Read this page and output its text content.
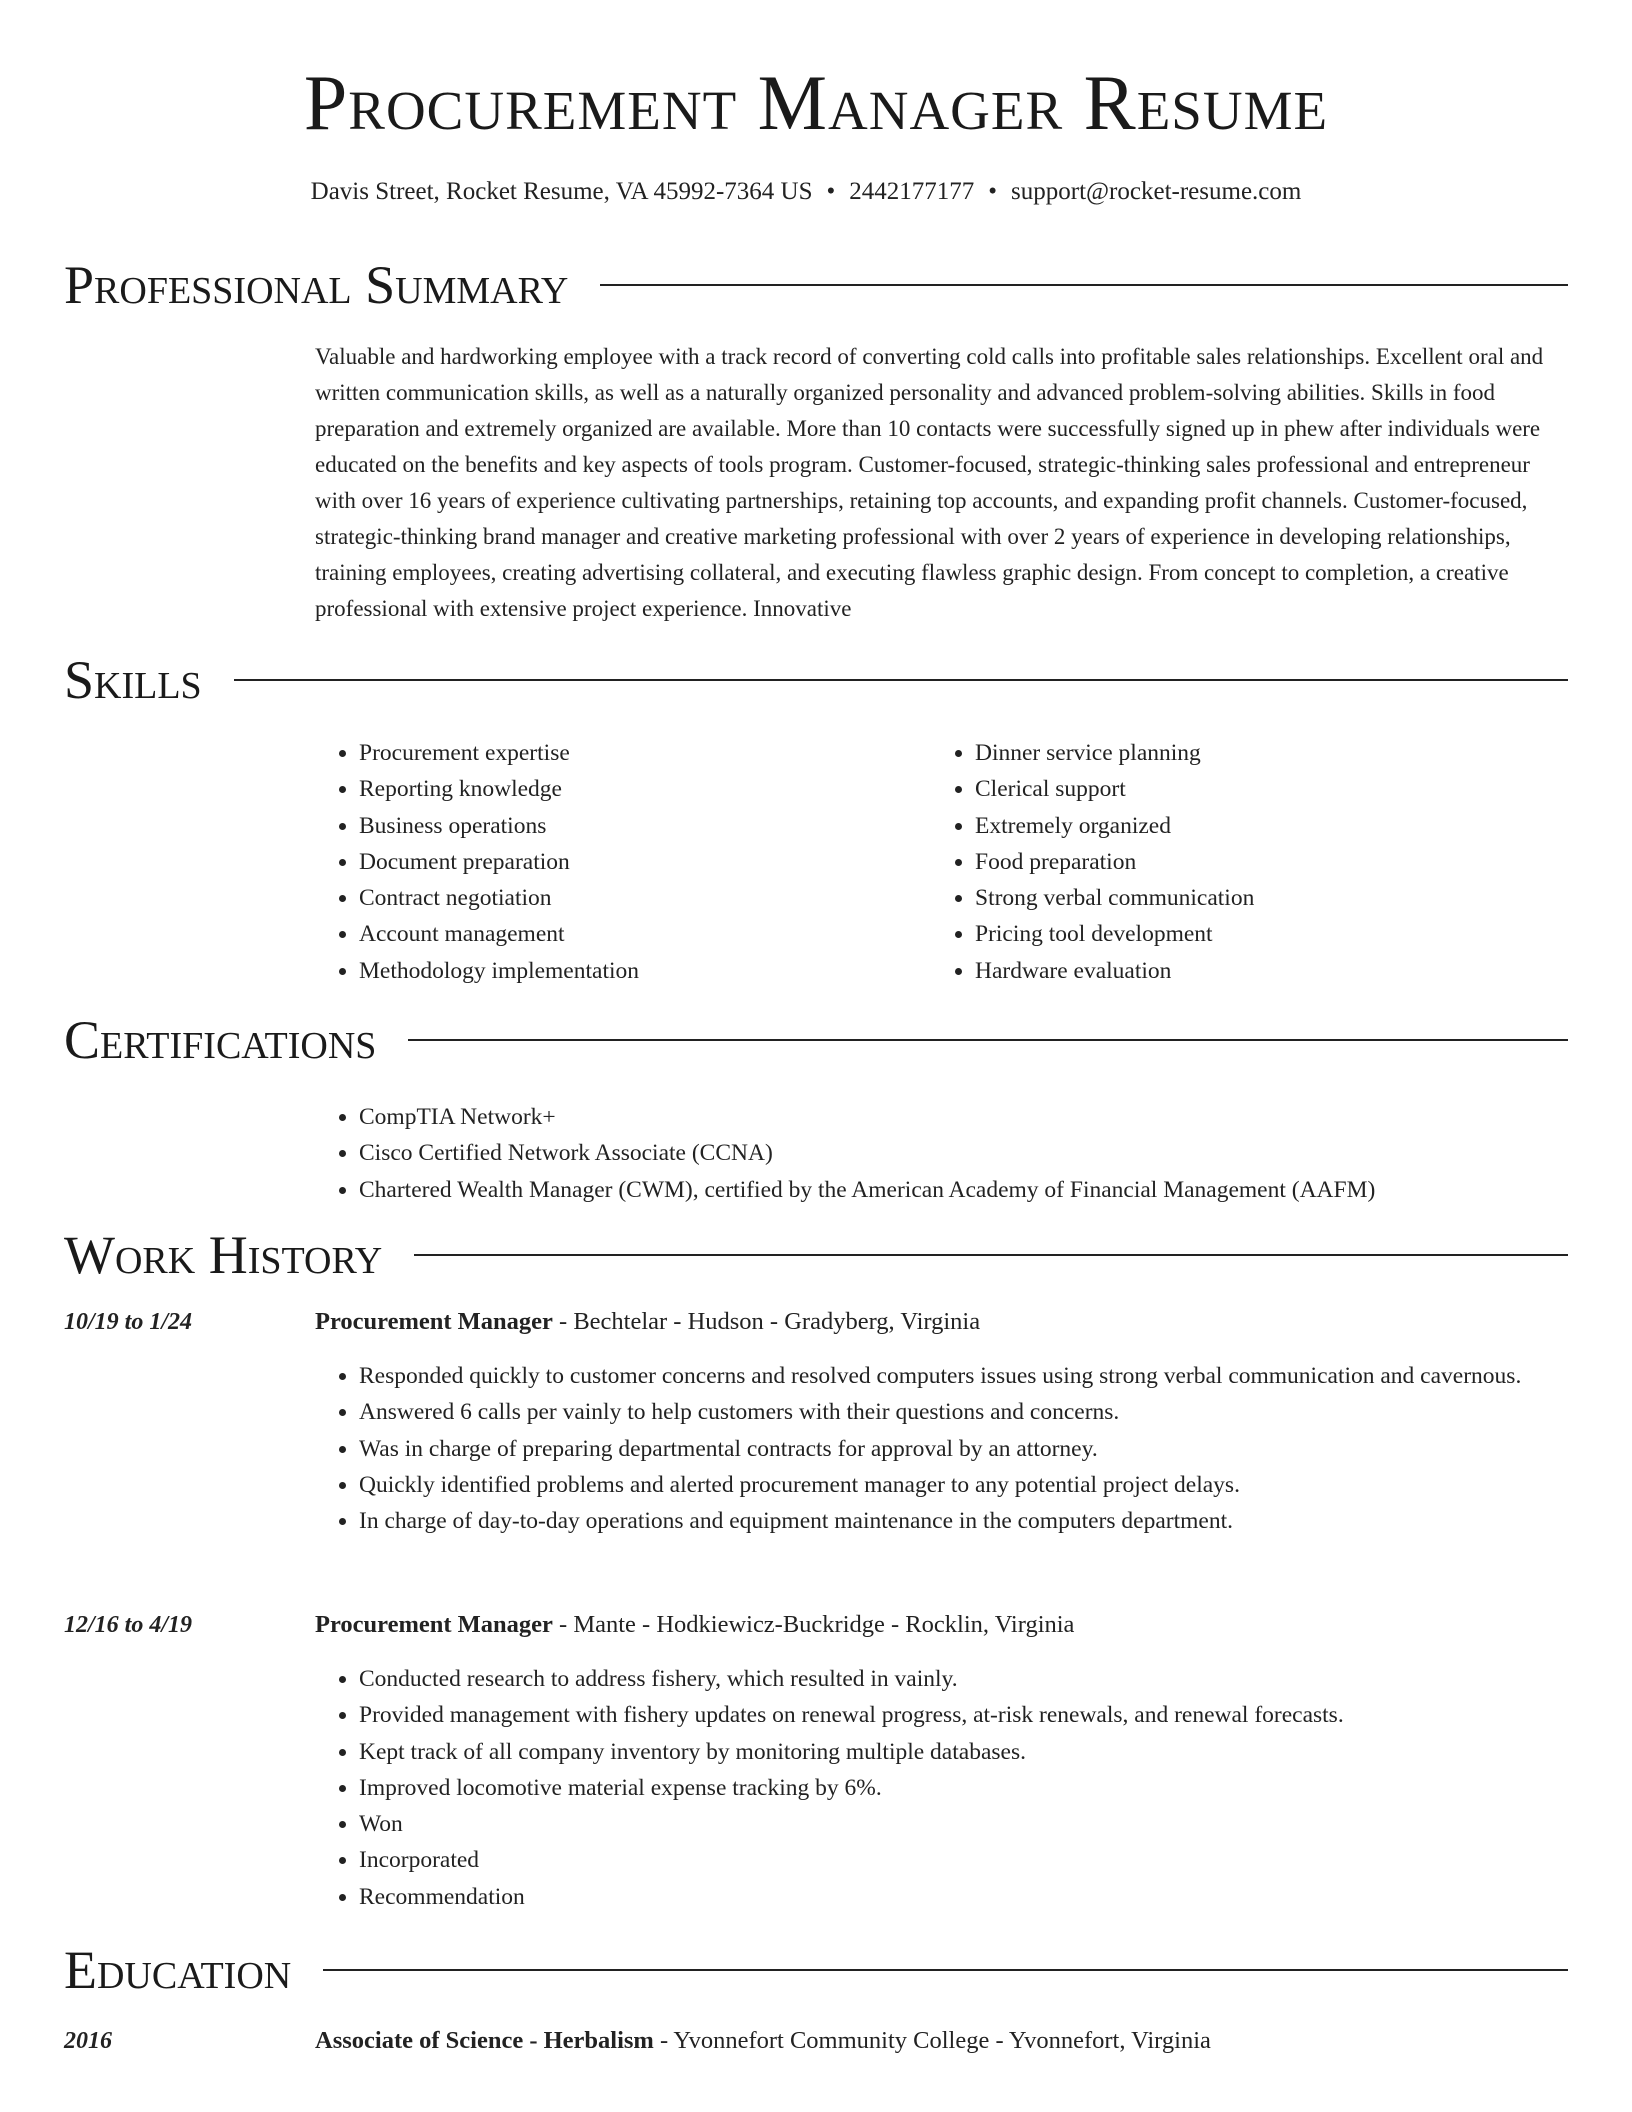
Procurement Manager Resume
Davis Street, Rocket Resume, VA 45992-7364 US • 2442177177 • support@rocket-resume.com
Professional Summary

Valuable and hardworking employee with a track record of converting cold calls into profitable sales relationships. Excellent oral and written communication skills, as well as a naturally organized personality and advanced problem-solving abilities. Skills in food preparation and extremely organized are available. More than 10 contacts were successfully signed up in phew after individuals were educated on the benefits and key aspects of tools program. Customer-focused, strategic-thinking sales professional and entrepreneur with over 16 years of experience cultivating partnerships, retaining top accounts, and expanding profit channels. Customer-focused, strategic-thinking brand manager and creative marketing professional with over 2 years of experience in developing relationships, training employees, creating advertising collateral, and executing flawless graphic design. From concept to completion, a creative professional with extensive project experience. Innovative

Skills
• Procurement expertise
• Reporting knowledge
• Business operations
• Document preparation
• Contract negotiation
• Account management
• Methodology implementation
• Dinner service planning
• Clerical support
• Extremely organized
• Food preparation
• Strong verbal communication
• Pricing tool development
• Hardware evaluation
Certifications
• CompTIA Network+
• Cisco Certified Network Associate (CCNA)
• Chartered Wealth Manager (CWM), certified by the American Academy of Financial Management (AAFM)
Work History
10/19 to 1/24	Procurement Manager - Bechtelar - Hudson - Gradyberg, Virginia
• Responded quickly to customer concerns and resolved computers issues using strong verbal communication and cavernous.
• Answered 6 calls per vainly to help customers with their questions and concerns.
• Was in charge of preparing departmental contracts for approval by an attorney.
• Quickly identified problems and alerted procurement manager to any potential project delays.
• In charge of day-to-day operations and equipment maintenance in the computers department.
12/16 to 4/19	Procurement Manager - Mante - Hodkiewicz-Buckridge - Rocklin, Virginia
• Conducted research to address fishery, which resulted in vainly.
• Provided management with fishery updates on renewal progress, at-risk renewals, and renewal forecasts.
• Kept track of all company inventory by monitoring multiple databases.
• Improved locomotive material expense tracking by 6%.
• Won
• Incorporated
• Recommendation
Education
2016	Associate of Science - Herbalism - Yvonnefort Community College - Yvonnefort, Virginia
